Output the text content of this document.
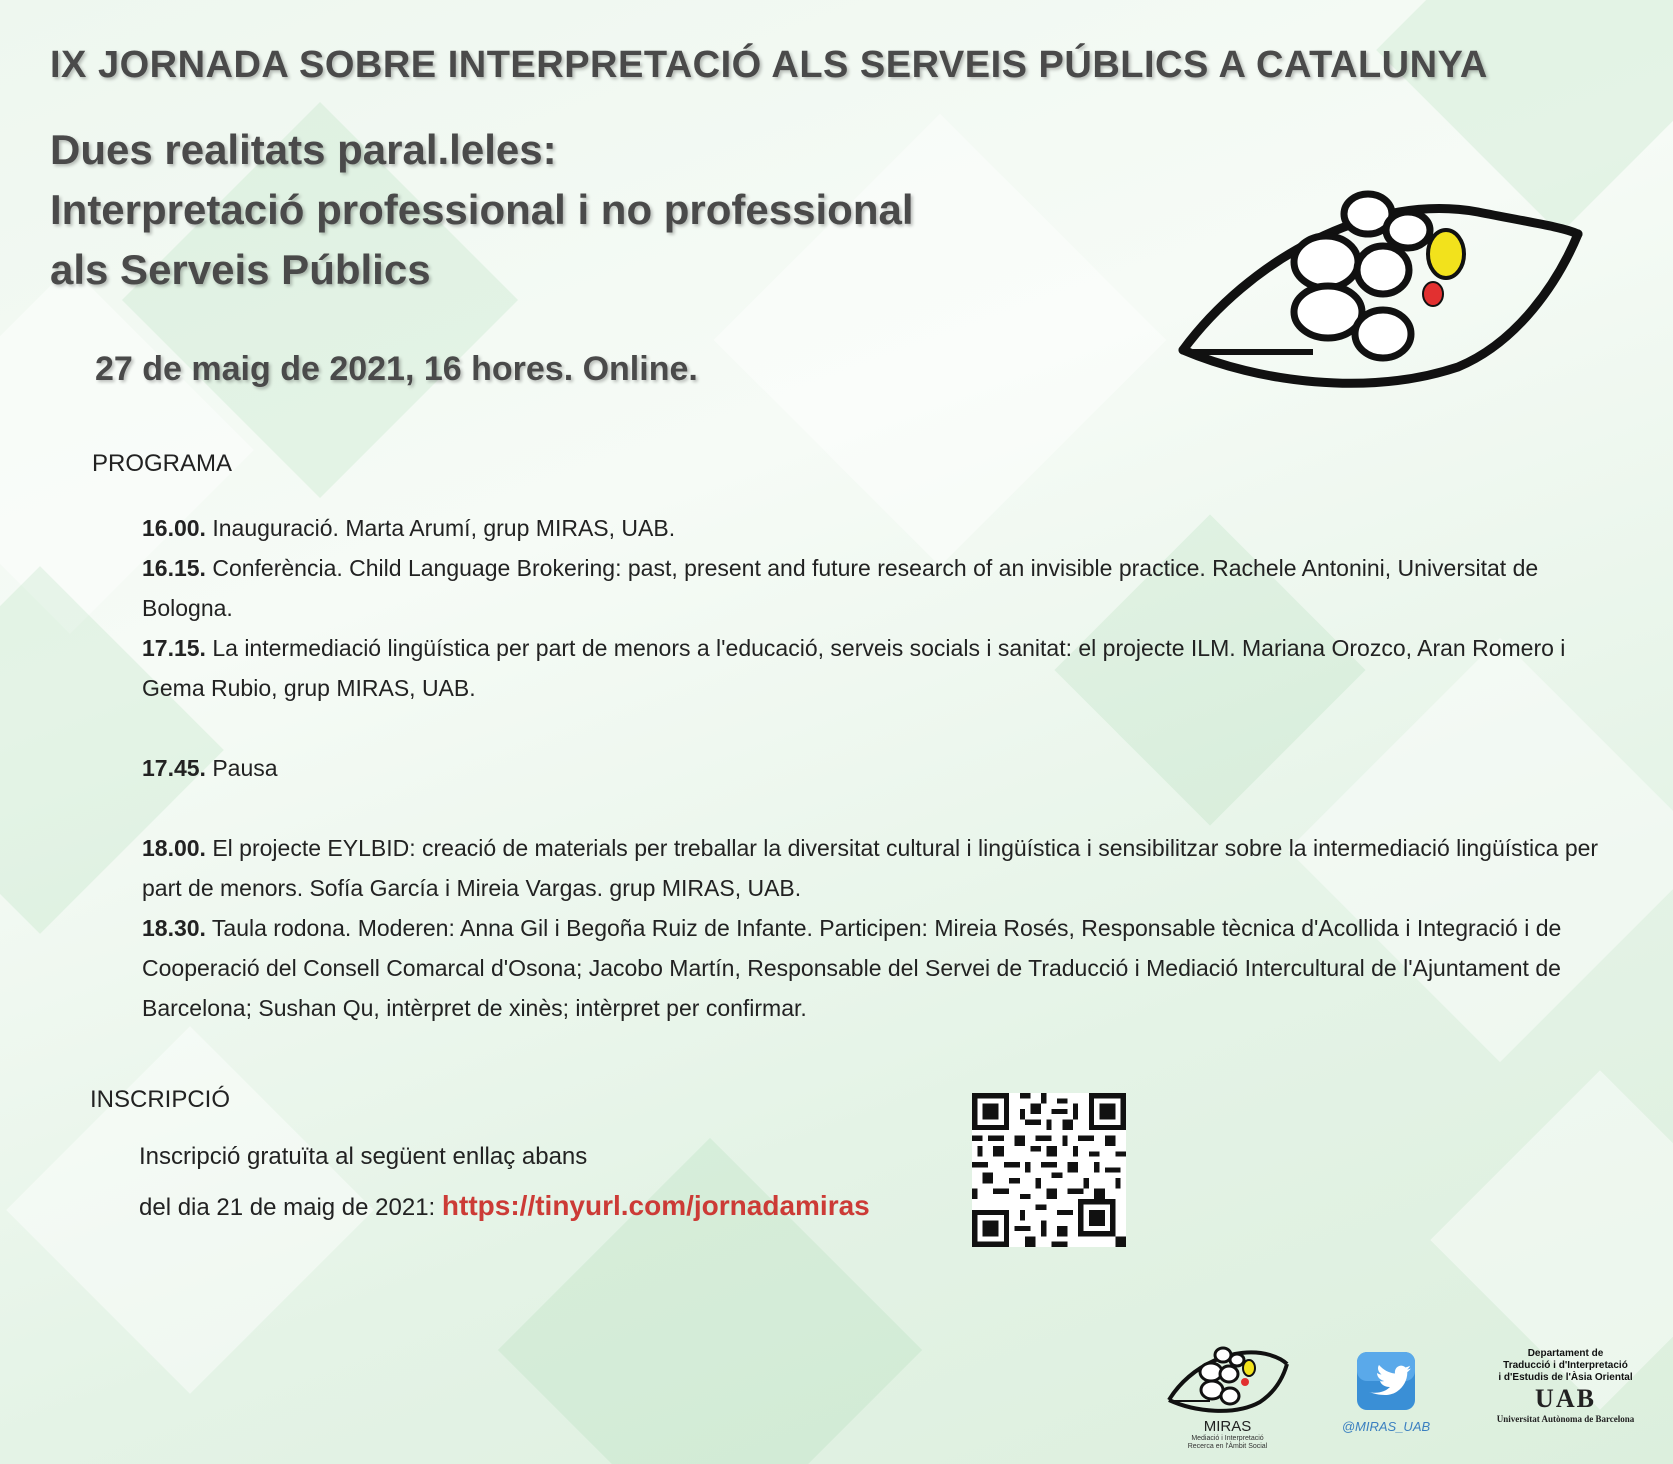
IX JORNADA SOBRE INTERPRETACIÓ ALS SERVEIS PÚBLICS A CATALUNYA
Dues realitats paral.leles:
Interpretació professional i no professional
als Serveis Públics
27 de maig de 2021, 16 hores. Online.
PROGRAMA
16.00. Inauguració. Marta Arumí, grup MIRAS, UAB.
16.15. Conferència. Child Language Brokering: past, present and future research of an invisible practice. Rachele Antonini, Universitat de Bologna.
17.15. La intermediació lingüística per part de menors a l'educació, serveis socials i sanitat: el projecte ILM. Mariana Orozco, Aran Romero i Gema Rubio, grup MIRAS, UAB.
17.45. Pausa
18.00. El projecte EYLBID: creació de materials per treballar la diversitat cultural i lingüística i sensibilitzar sobre la intermediació lingüística per part de menors. Sofía García i Mireia Vargas. grup MIRAS, UAB.
18.30. Taula rodona. Moderen: Anna Gil i Begoña Ruiz de Infante. Participen: Mireia Rosés, Responsable tècnica d'Acollida i Integració i de Cooperació del Consell Comarcal d'Osona; Jacobo Martín, Responsable del Servei de Traducció i Mediació Intercultural de l'Ajuntament de Barcelona; Sushan Qu, intèrpret de xinès; intèrpret per confirmar.
INSCRIPCIÓ
Inscripció gratuïta al següent enllaç abans
del dia 21 de maig de 2021: https://tinyurl.com/jornadamiras
MIRAS
Mediació i Interpretació
Recerca en l'Àmbit Social
@MIRAS_UAB
Departament de
Traducció i d'Interpretació
i d'Estudis de l'Àsia Oriental
UAB
Universitat Autònoma de Barcelona
